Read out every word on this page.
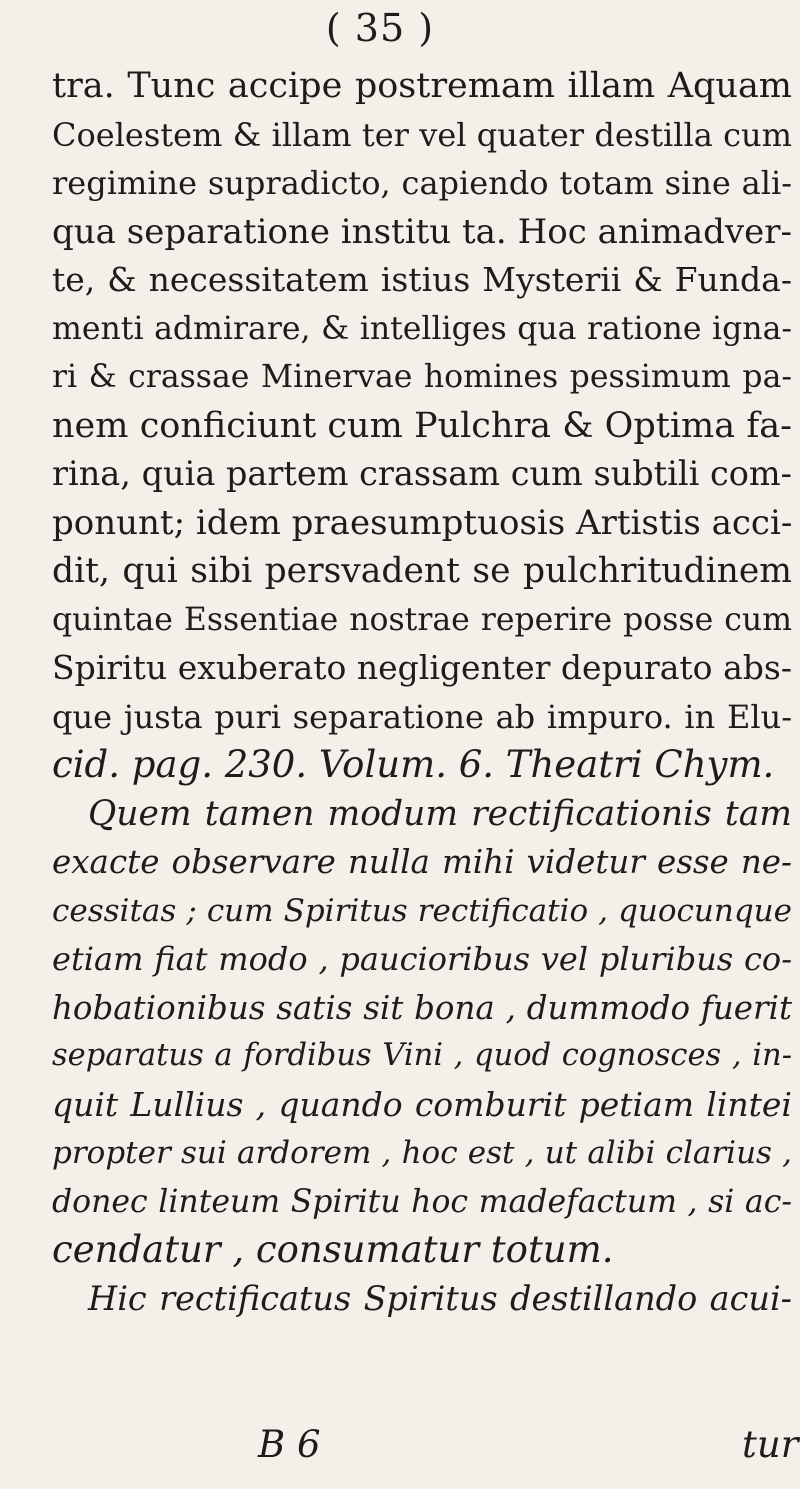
( 35 )
tra. Tunc accipe postremam illam Aquam
Coelestem & illam ter vel quater destilla cum
regimine supradicto, capiendo totam sine ali-
qua separatione institu ta. Hoc animadver-
te, & necessitatem istius Mysterii & Funda-
menti admirare, & intelliges qua ratione igna-
ri & crassae Minervae homines pessimum pa-
nem conficiunt cum Pulchra & Optima fa-
rina, quia partem crassam cum subtili com-
ponunt; idem praesumptuosis Artistis acci-
dit, qui sibi persvadent se pulchritudinem
quintae Essentiae nostrae reperire posse cum
Spiritu exuberato negligenter depurato abs-
que justa puri separatione ab impuro. in Elu-
cid. pag. 230. Volum. 6. Theatri Chym.
Quem tamen modum rectificationis tam
exacte observare nulla mihi videtur esse ne-
cessitas ; cum Spiritus rectificatio , quocunque
etiam fiat modo , paucioribus vel pluribus co-
hobationibus satis sit bona , dummodo fuerit
separatus a fordibus Vini , quod cognosces , in-
quit Lullius , quando comburit petiam lintei
propter sui ardorem , hoc est , ut alibi clarius ,
donec linteum Spiritu hoc madefactum , si ac-
cendatur , consumatur totum.
Hic rectificatus Spiritus destillando acui-
B 6	tur
